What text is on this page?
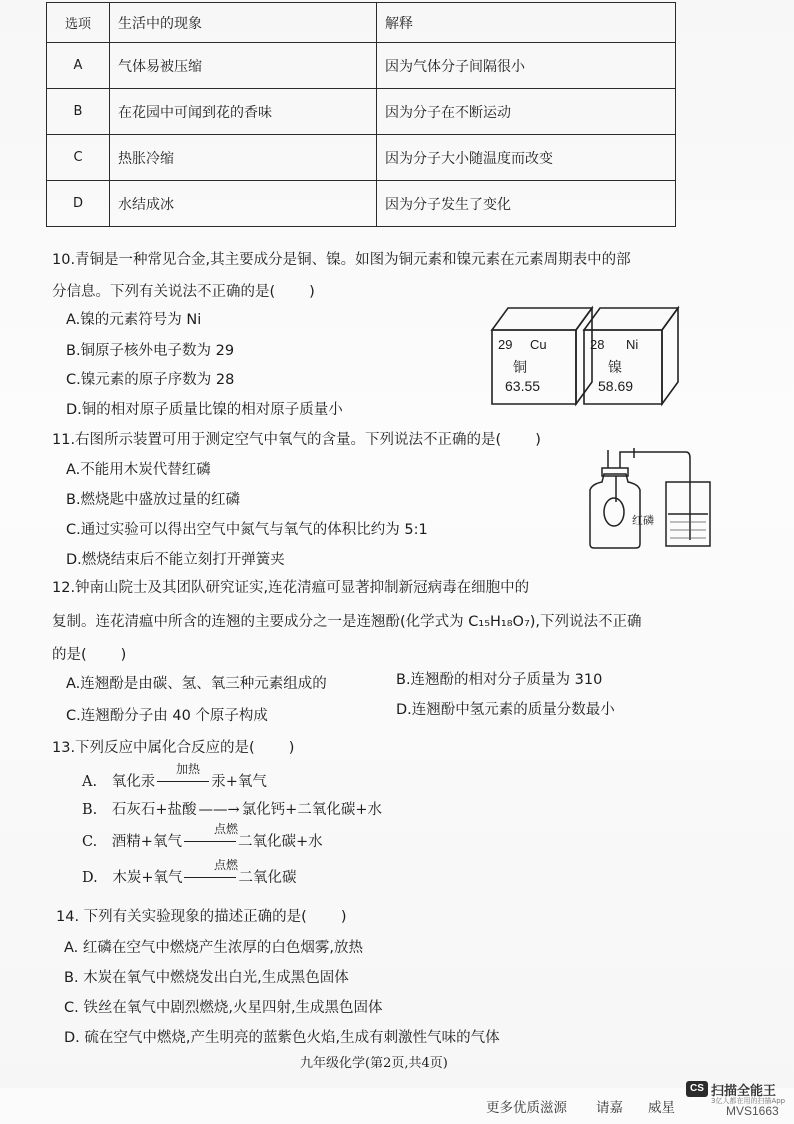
选项	生活中的现象	解释
A	气体易被压缩	因为气体分子间隔很小
B	在花园中可闻到花的香味	因为分子在不断运动
C	热胀冷缩	因为分子大小随温度而改变
D	水结成冰	因为分子发生了变化
10.青铜是一种常见合金,其主要成分是铜、镍。如图为铜元素和镍元素在元素周期表中的部
分信息。下列有关说法不正确的是( )
A.镍的元素符号为 Ni
B.铜原子核外电子数为 29
C.镍元素的原子序数为 28
D.铜的相对原子质量比镍的相对原子质量小
29 Cu
铜
63.55
28 Ni
镍
58.69
11.右图所示装置可用于测定空气中氧气的含量。下列说法不正确的是( )
A.不能用木炭代替红磷
B.燃烧匙中盛放过量的红磷
C.通过实验可以得出空气中氮气与氧气的体积比约为 5:1
D.燃烧结束后不能立刻打开弹簧夹
红磷
12.钟南山院士及其团队研究证实,连花清瘟可显著抑制新冠病毒在细胞中的
复制。连花清瘟中所含的连翘的主要成分之一是连翘酚(化学式为 C₁₅H₁₈O₇),下列说法不正确
的是( )
A.连翘酚是由碳、氢、氧三种元素组成的	B.连翘酚的相对分子质量为 310
C.连翘酚分子由 40 个原子构成	D.连翘酚中氢元素的质量分数最小
13.下列反应中属化合反应的是( )
A. 氧化汞	汞+氧气
加热
B. 石灰石+盐酸 ——→ 氯化钙+二氧化碳+水
C. 酒精+氧气	二氧化碳+水
点燃
D. 木炭+氧气	二氧化碳
点燃
14. 下列有关实验现象的描述正确的是( )
A. 红磷在空气中燃烧产生浓厚的白色烟雾,放热
B. 木炭在氧气中燃烧发出白光,生成黑色固体
C. 铁丝在氧气中剧烈燃烧,火星四射,生成黑色固体
D. 硫在空气中燃烧,产生明亮的蓝紫色火焰,生成有刺激性气味的气体
九年级化学(第2页,共4页)
更多优质滋源 请嘉 威星
CS 扫描全能王
3亿人都在用的扫描App
MVS1663
